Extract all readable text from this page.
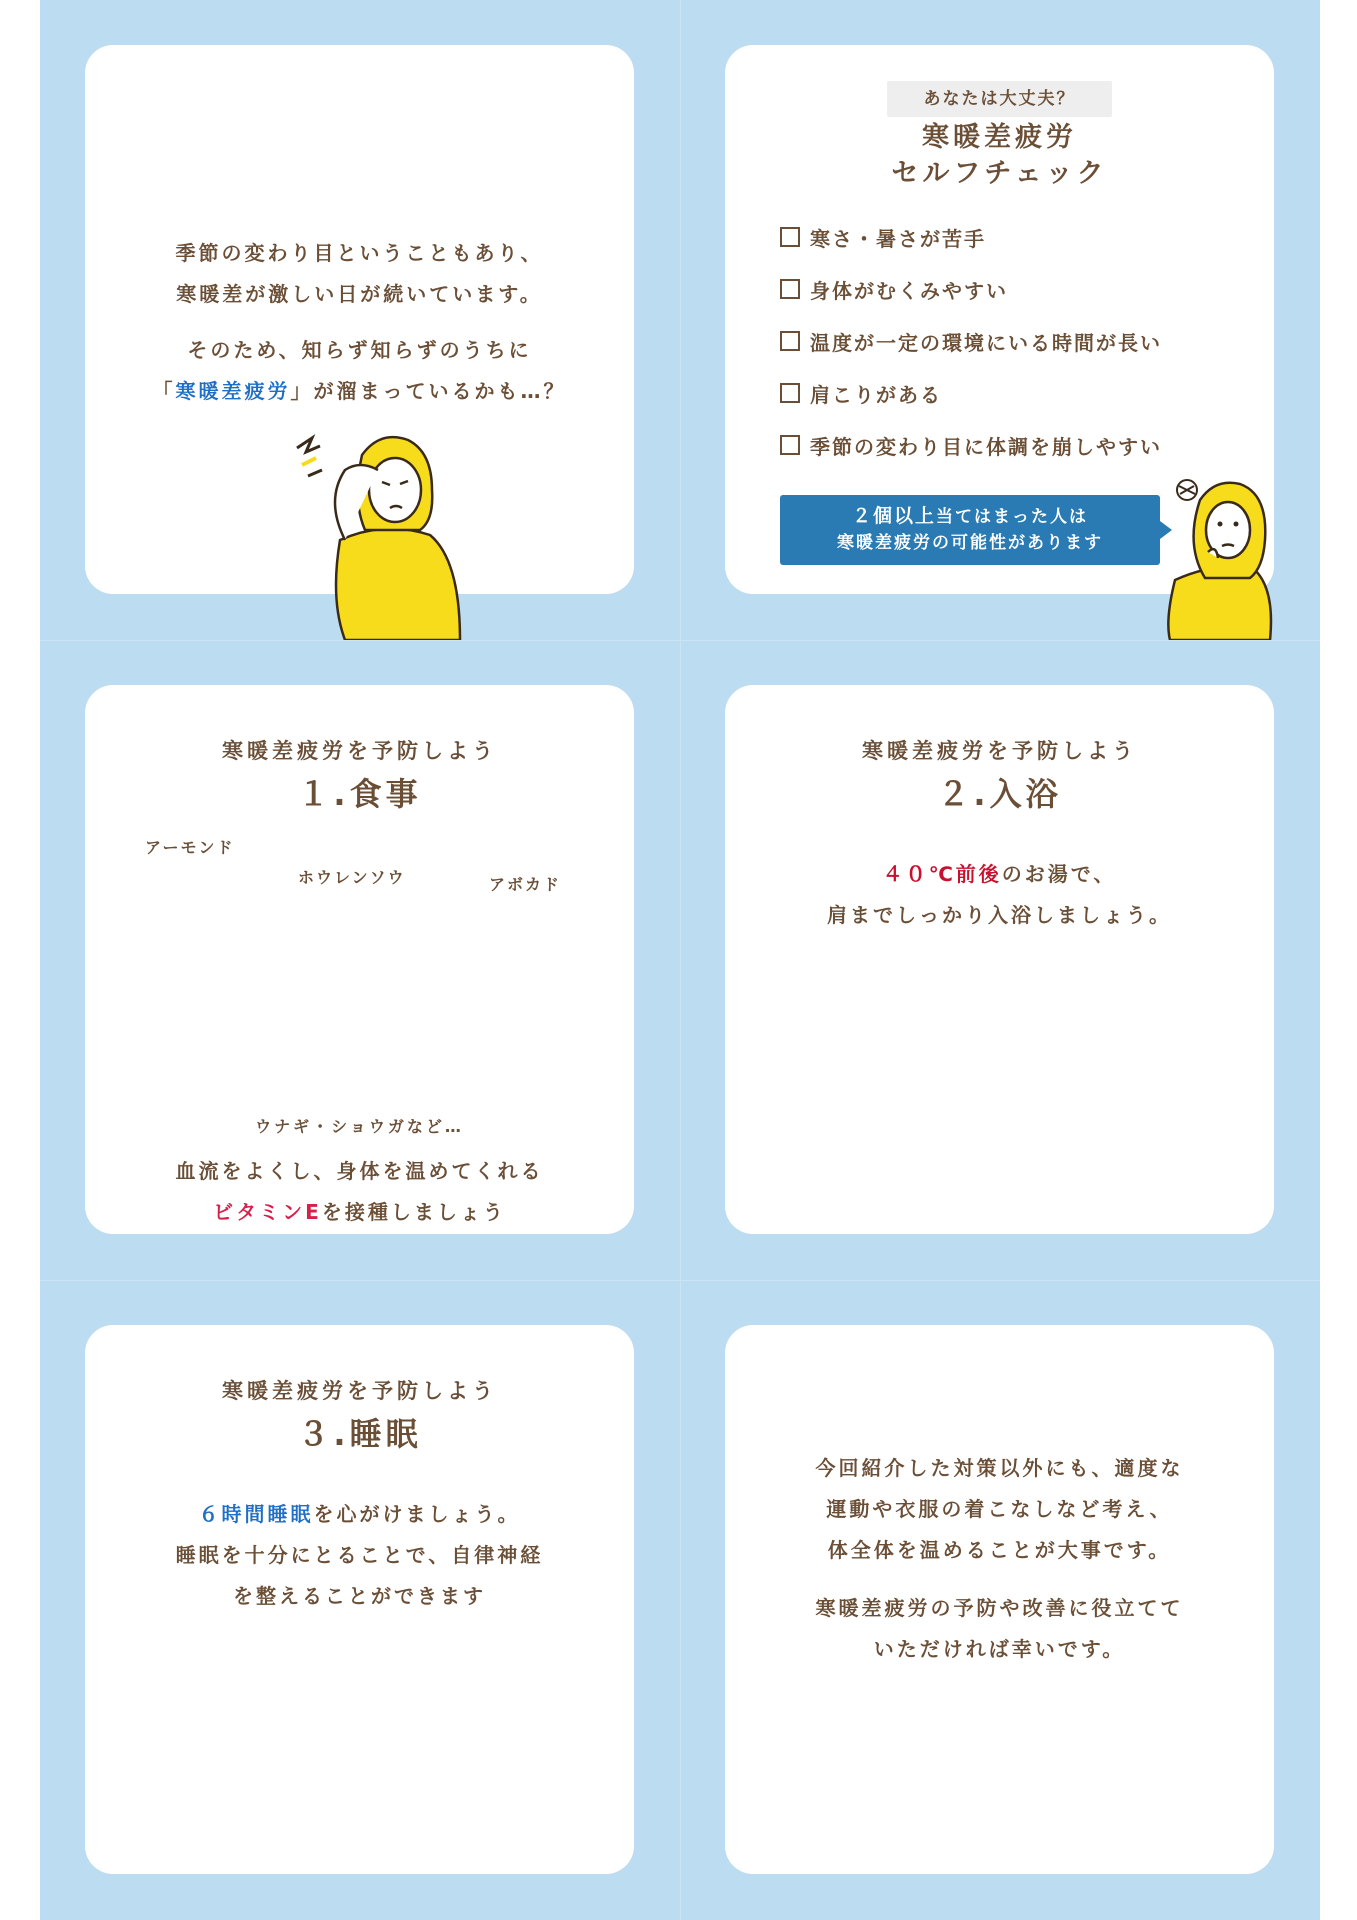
季節の変わり目ということもあり、
寒暖差が激しい日が続いています。
そのため、知らず知らずのうちに
「寒暖差疲労」が溜まっているかも…？
あなたは大丈夫？
寒暖差疲労
セルフチェック
寒さ・暑さが苦手
身体がむくみやすい
温度が一定の環境にいる時間が長い
肩こりがある
季節の変わり目に体調を崩しやすい
２個以上当てはまった人は
寒暖差疲労の可能性があります
寒暖差疲労を予防しよう
１.食事
アーモンド
ホウレンソウ	アボカド
ウナギ・ショウガなど…
血流をよくし、身体を温めてくれる
ビタミンEを接種しましょう
寒暖差疲労を予防しよう
２.入浴
４０℃前後のお湯で、
肩までしっかり入浴しましょう。
寒暖差疲労を予防しよう
３.睡眠
６時間睡眠を心がけましょう。
睡眠を十分にとることで、自律神経
を整えることができます
今回紹介した対策以外にも、適度な
運動や衣服の着こなしなど考え、
体全体を温めることが大事です。
寒暖差疲労の予防や改善に役立てて
いただければ幸いです。
